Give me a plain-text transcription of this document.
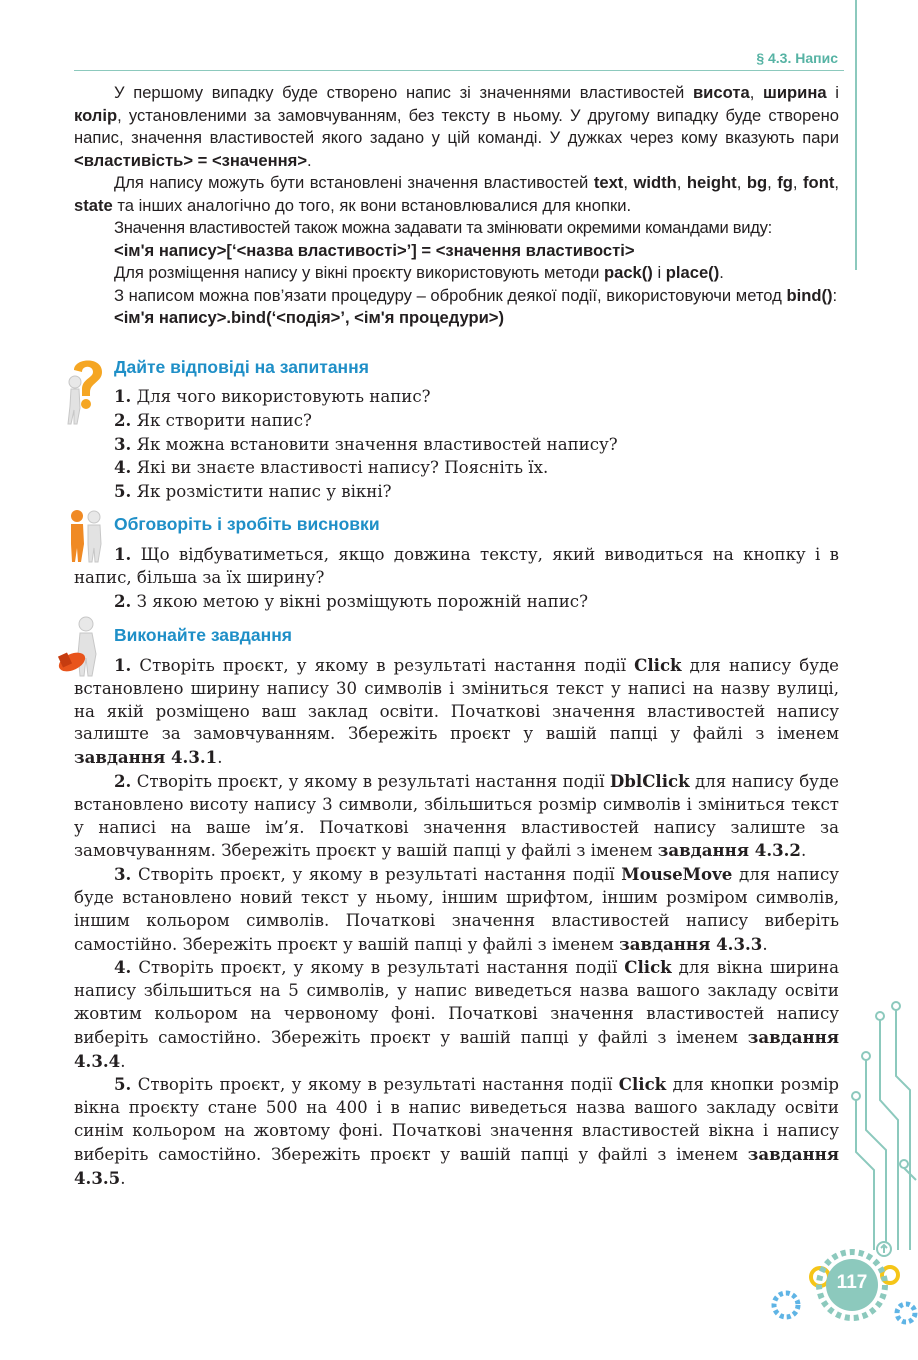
§ 4.3. Напис

У першому випадку буде створено напис зі значеннями властивостей висота, ширина і колір, установленими за замовчуванням, без тексту в ньому. У другому випадку буде створено напис, значення властивостей якого задано у цій команді. У дужках через кому вказують пари <властивість> = <значення>.

Для напису можуть бути встановлені значення властивостей text, width, height, bg, fg, font, state та інших аналогічно до того, як вони встановлювалися для кнопки.

Значення властивостей також можна задавати та змінювати окремими командами виду:

<ім'я напису>[‘<назва властивості>’] = <значення властивості>

Для розміщення напису у вікні проєкту використовують методи pack() і place().

З написом можна пов’язати процедуру – обробник деякої події, використовуючи метод bind():

<ім'я напису>.bind(‘<подія>’, <ім'я процедури>)

Дайте відповіді на запитання
1. Для чого використовують напис?
2. Як створити напис?
3. Як можна встановити значення властивостей напису?
4. Які ви знаєте властивості напису? Поясніть їх.
5. Як розмістити напис у вікні?
Обговоріть і зробіть висновки

1. Що відбуватиметься, якщо довжина тексту, який виводиться на кнопку і в напис, більша за їх ширину?

2. З якою метою у вікні розміщують порожній напис?

Виконайте завдання

1. Створіть проєкт, у якому в результаті настання події Click для напису буде встановлено ширину напису 30 символів і зміниться текст у написі на назву вулиці, на якій розміщено ваш заклад освіти. Початкові значення властивостей напису залиште за замовчуванням. Збережіть проєкт у вашій папці у файлі з іменем завдання 4.3.1.

2. Створіть проєкт, у якому в результаті настання події DblClick для напису буде встановлено висоту напису 3 символи, збільшиться розмір символів і зміниться текст у написі на ваше ім’я. Початкові значення властивостей напису залиште за замовчуванням. Збережіть проєкт у вашій папці у файлі з іменем завдання 4.3.2.

3. Створіть проєкт, у якому в результаті настання події MouseMove для напису буде встановлено новий текст у ньому, іншим шрифтом, іншим розміром символів, іншим кольором символів. Початкові значення властивостей напису виберіть самостійно. Збережіть проєкт у вашій папці у файлі з іменем завдання 4.3.3.

4. Створіть проєкт, у якому в результаті настання події Click для вікна ширина напису збільшиться на 5 символів, у напис виведеться назва вашого закладу освіти жовтим кольором на червоному фоні. Початкові значення властивостей напису виберіть самостійно. Збережіть проєкт у вашій папці у файлі з іменем завдання 4.3.4.

5. Створіть проєкт, у якому в результаті настання події Click для кнопки розмір вікна проєкту стане 500 на 400 і в напис виведеться назва вашого закладу освіти синім кольором на жовтому фоні. Початкові значення властивостей вікна і напису виберіть самостійно. Збережіть проєкт у вашій папці у файлі з іменем завдання 4.3.5.

117
